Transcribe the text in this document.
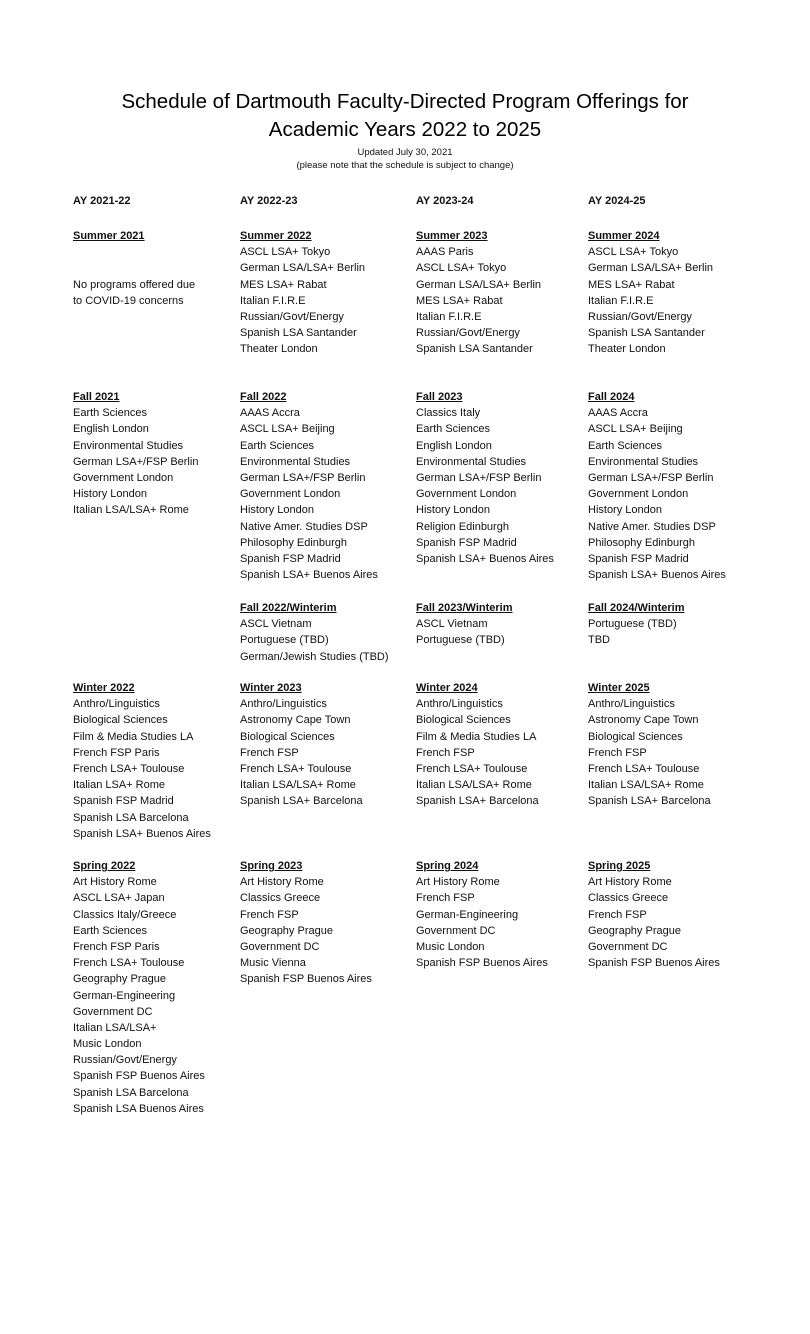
Schedule of Dartmouth Faculty-Directed Program Offerings for
Academic Years 2022 to 2025
Updated July 30, 2021
(please note that the schedule is subject to change)
AY 2021-22
Summer 2021
No programs offered due
to COVID-19 concerns
Fall 2021
Earth Sciences
English London
Environmental Studies
German LSA+/FSP Berlin
Government London
History London
Italian LSA/LSA+ Rome
Winter 2022
Anthro/Linguistics
Biological Sciences
Film & Media Studies LA
French FSP Paris
French LSA+ Toulouse
Italian LSA+ Rome
Spanish FSP Madrid
Spanish LSA Barcelona
Spanish LSA+ Buenos Aires
Spring 2022
Art History Rome
ASCL LSA+ Japan
Classics Italy/Greece
Earth Sciences
French FSP Paris
French LSA+ Toulouse
Geography Prague
German-Engineering
Government DC
Italian LSA/LSA+
Music London
Russian/Govt/Energy
Spanish FSP Buenos Aires
Spanish LSA Barcelona
Spanish LSA Buenos Aires
AY 2022-23
Summer 2022
ASCL LSA+ Tokyo
German LSA/LSA+ Berlin
MES LSA+ Rabat
Italian F.I.R.E
Russian/Govt/Energy
Spanish LSA Santander
Theater London
Fall 2022
AAAS Accra
ASCL LSA+ Beijing
Earth Sciences
Environmental Studies
German LSA+/FSP Berlin
Government London
History London
Native Amer. Studies DSP
Philosophy Edinburgh
Spanish FSP Madrid
Spanish LSA+ Buenos Aires
Fall 2022/Winterim
ASCL Vietnam
Portuguese (TBD)
German/Jewish Studies (TBD)
Winter 2023
Anthro/Linguistics
Astronomy Cape Town
Biological Sciences
French FSP
French LSA+ Toulouse
Italian LSA/LSA+ Rome
Spanish LSA+ Barcelona
Spring 2023
Art History Rome
Classics Greece
French FSP
Geography Prague
Government DC
Music Vienna
Spanish FSP Buenos Aires
AY 2023-24
Summer 2023
AAAS Paris
ASCL LSA+ Tokyo
German LSA/LSA+ Berlin
MES LSA+ Rabat
Italian F.I.R.E
Russian/Govt/Energy
Spanish LSA Santander
Fall 2023
Classics Italy
Earth Sciences
English London
Environmental Studies
German LSA+/FSP Berlin
Government London
History London
Religion Edinburgh
Spanish FSP Madrid
Spanish LSA+ Buenos Aires
Fall 2023/Winterim
ASCL Vietnam
Portuguese (TBD)
Winter 2024
Anthro/Linguistics
Biological Sciences
Film & Media Studies LA
French FSP
French LSA+ Toulouse
Italian LSA/LSA+ Rome
Spanish LSA+ Barcelona
Spring 2024
Art History Rome
French FSP
German-Engineering
Government DC
Music London
Spanish FSP Buenos Aires
AY 2024-25
Summer 2024
ASCL LSA+ Tokyo
German LSA/LSA+ Berlin
MES LSA+ Rabat
Italian F.I.R.E
Russian/Govt/Energy
Spanish LSA Santander
Theater London
Fall 2024
AAAS Accra
ASCL LSA+ Beijing
Earth Sciences
Environmental Studies
German LSA+/FSP Berlin
Government London
History London
Native Amer. Studies DSP
Philosophy Edinburgh
Spanish FSP Madrid
Spanish LSA+ Buenos Aires
Fall 2024/Winterim
Portuguese (TBD)
TBD
Winter 2025
Anthro/Linguistics
Astronomy Cape Town
Biological Sciences
French FSP
French LSA+ Toulouse
Italian LSA/LSA+ Rome
Spanish LSA+ Barcelona
Spring 2025
Art History Rome
Classics Greece
French FSP
Geography Prague
Government DC
Spanish FSP Buenos Aires
